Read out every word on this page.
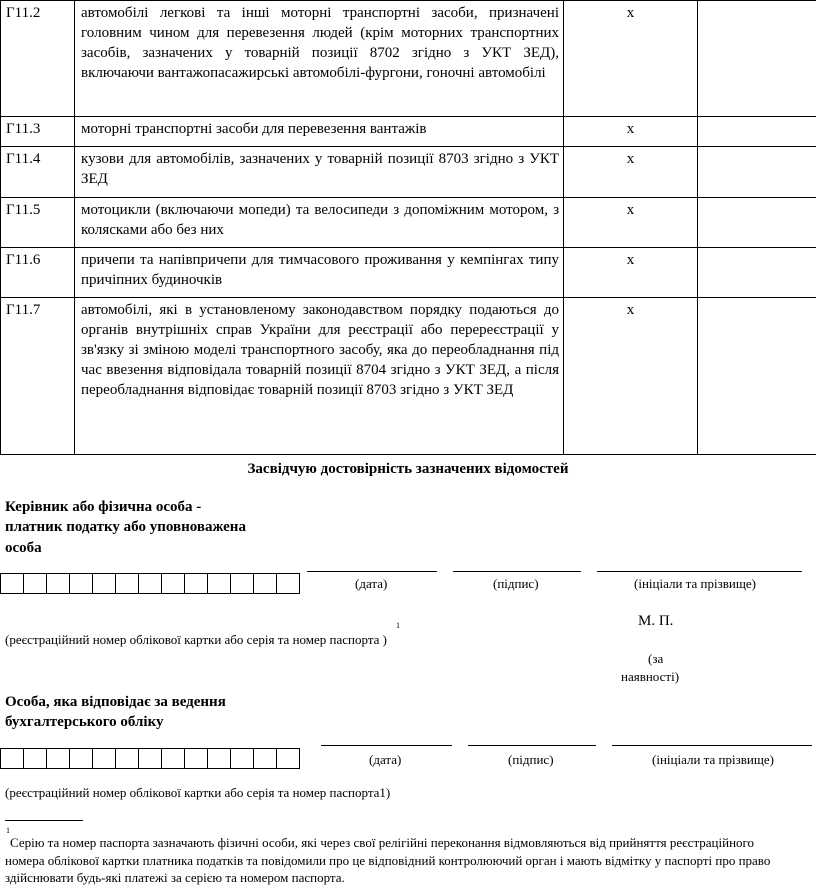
Г11.2	автомобілі легкові та інші моторні транспортні засоби, призначені головним чином для перевезення людей (крім моторних транспортних засобів, зазначених у товарній позиції 8702 згідно з УКТ ЗЕД), включаючи вантажопасажирські автомобілі-фургони, гоночні автомобілі	х	
Г11.3	моторні транспортні засоби для перевезення вантажів	х	
Г11.4	кузови для автомобілів, зазначених у товарній позиції 8703 згідно з УКТ ЗЕД	х	
Г11.5	мотоцикли (включаючи мопеди) та велосипеди з допоміжним мотором, з колясками або без них	х	
Г11.6	причепи та напівпричепи для тимчасового проживання у кемпінгах типу причіпних будиночків	х	
Г11.7	автомобілі, які в установленому законодавством порядку подаються до органів внутрішніх справ України для реєстрації або перереєстрації у зв'язку зі зміною моделі транспортного засобу, яка до переобладнання під час ввезення відповідала товарній позиції 8704 згідно з УКТ ЗЕД, а після переобладнання відповідає товарній позиції 8703 згідно з УКТ ЗЕД	х	
Засвідчую достовірність зазначених відомостей
Керівник або фізична особа -
платник податку або уповноважена
особа
(дата)	(підпис)	(ініціали та прізвище)
1
(реєстраційний номер облікової картки або серія та номер паспорта )
М. П.
(за
наявності)
Особа, яка відповідає за ведення
бухгалтерського обліку
(дата)	(підпис)	(ініціали та прізвище)
(реєстраційний номер облікової картки або серія та номер паспорта1)
1
Серію та номер паспорта зазначають фізичні особи, які через свої релігійні переконання відмовляються від прийняття реєстраційного
номера облікової картки платника податків та повідомили про це відповідний контролюючий орган і мають відмітку у паспорті про право
здійснювати будь-які платежі за серією та номером паспорта.
